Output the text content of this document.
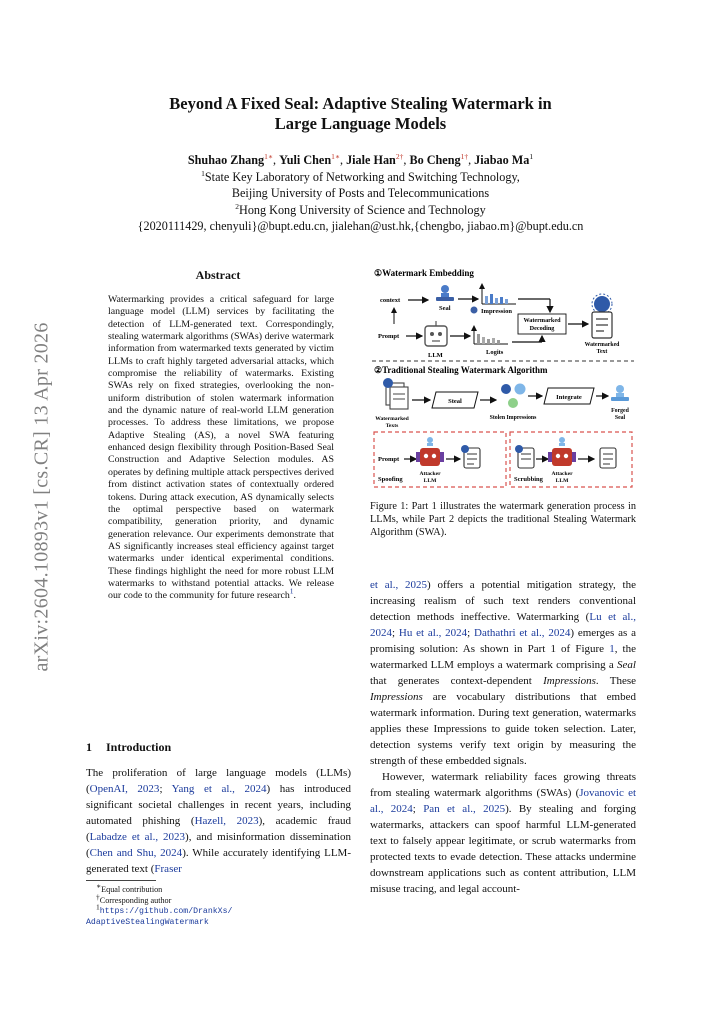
arXiv:2604.10893v1 [cs.CR] 13 Apr 2026
Beyond A Fixed Seal: Adaptive Stealing Watermark in
Large Language Models
Shuhao Zhang$^{1∗}$, Yuli Chen$^{1∗}$, Jiale Han$^{2\dagger}$, Bo Cheng$^{1\dagger}$, Jiabao Ma$^1$
$^1$State Key Laboratory of Networking and Switching Technology,
Beijing University of Posts and Telecommunications
$^2$Hong Kong University of Science and Technology
{2020111429, chenyuli}@bupt.edu.cn, jialehan@ust.hk,{chengbo, jiabao.m}@bupt.edu.cn
Abstract
Watermarking provides a critical safeguard for large language model (LLM) services by facilitating the detection of LLM-generated text. Correspondingly, stealing watermark algorithms (SWAs) derive watermark information from watermarked texts generated by victim LLMs to craft highly targeted adversarial attacks, which compromise the reliability of watermarks. Existing SWAs rely on fixed strategies, overlooking the non-uniform distribution of stolen watermark information and the dynamic nature of real-world LLM generation processes. To address these limitations, we propose Adaptive Stealing (AS), a novel SWA featuring enhanced design flexibility through Position-Based Seal Construction and Adaptive Selection modules. AS operates by defining multiple attack perspectives derived from distinct activation states of contextually ordered tokens. During attack execution, AS dynamically selects the optimal perspective based on watermark compatibility, generation priority, and dynamic generation relevance. Our experiments demonstrate that AS significantly increases steal efficiency against target watermarks under identical experimental conditions. These findings highlight the need for more robust LLM watermarks to withstand potential attacks. We release our code to the community for future research$^1$.
1 Introduction
The proliferation of large language models (LLMs) (OpenAI, 2023; Yang et al., 2024) has introduced significant societal challenges in recent years, including automated phishing (Hazell, 2023), academic fraud (Labadze et al., 2023), and misinformation dissemination (Chen and Shu, 2024). While accurately identifying LLM-generated text (Fraser
∗Equal contribution
†Corresponding author
$^1$https://github.com/DrankXs/
AdaptiveStealingWatermark
①Watermark Embedding
context
Seal	Impression
Watermarked
Decoding
Watermarked
Text
Prompt
LLM	Logits
②Traditional Stealing Watermark Algorithm
Watermarked
Texts
Steal
Stolen Impressions
Integrate
Forged
Seal
Prompt
Attacker
LLM
Spoofing
Attacker
LLM
Scrubbing
Figure 1: Part 1 illustrates the watermark generation process in LLMs, while Part 2 depicts the traditional Stealing Watermark Algorithm (SWA).

et al., 2025) offers a potential mitigation strategy, the increasing realism of such text renders conventional detection methods ineffective. Watermarking (Lu et al., 2024; Hu et al., 2024; Dathathri et al., 2024) emerges as a promising solution: As shown in Part 1 of Figure 1, the watermarked LLM employs a watermark comprising a Seal that generates context-dependent Impressions. These Impressions are vocabulary distributions that embed watermark information. During text generation, watermarks applies these Impressions to guide token selection. Later, detection systems verify text origin by measuring the strength of these embedded signals.

However, watermark reliability faces growing threats from stealing watermark algorithms (SWAs) (Jovanovic et al., 2024; Pan et al., 2025). By stealing and forging watermarks, attackers can spoof harmful LLM-generated text to falsely appear legitimate, or scrub watermarks from protected texts to evade detection. These attacks undermine downstream applications such as content attribution, LLM misuse tracing, and legal account-
